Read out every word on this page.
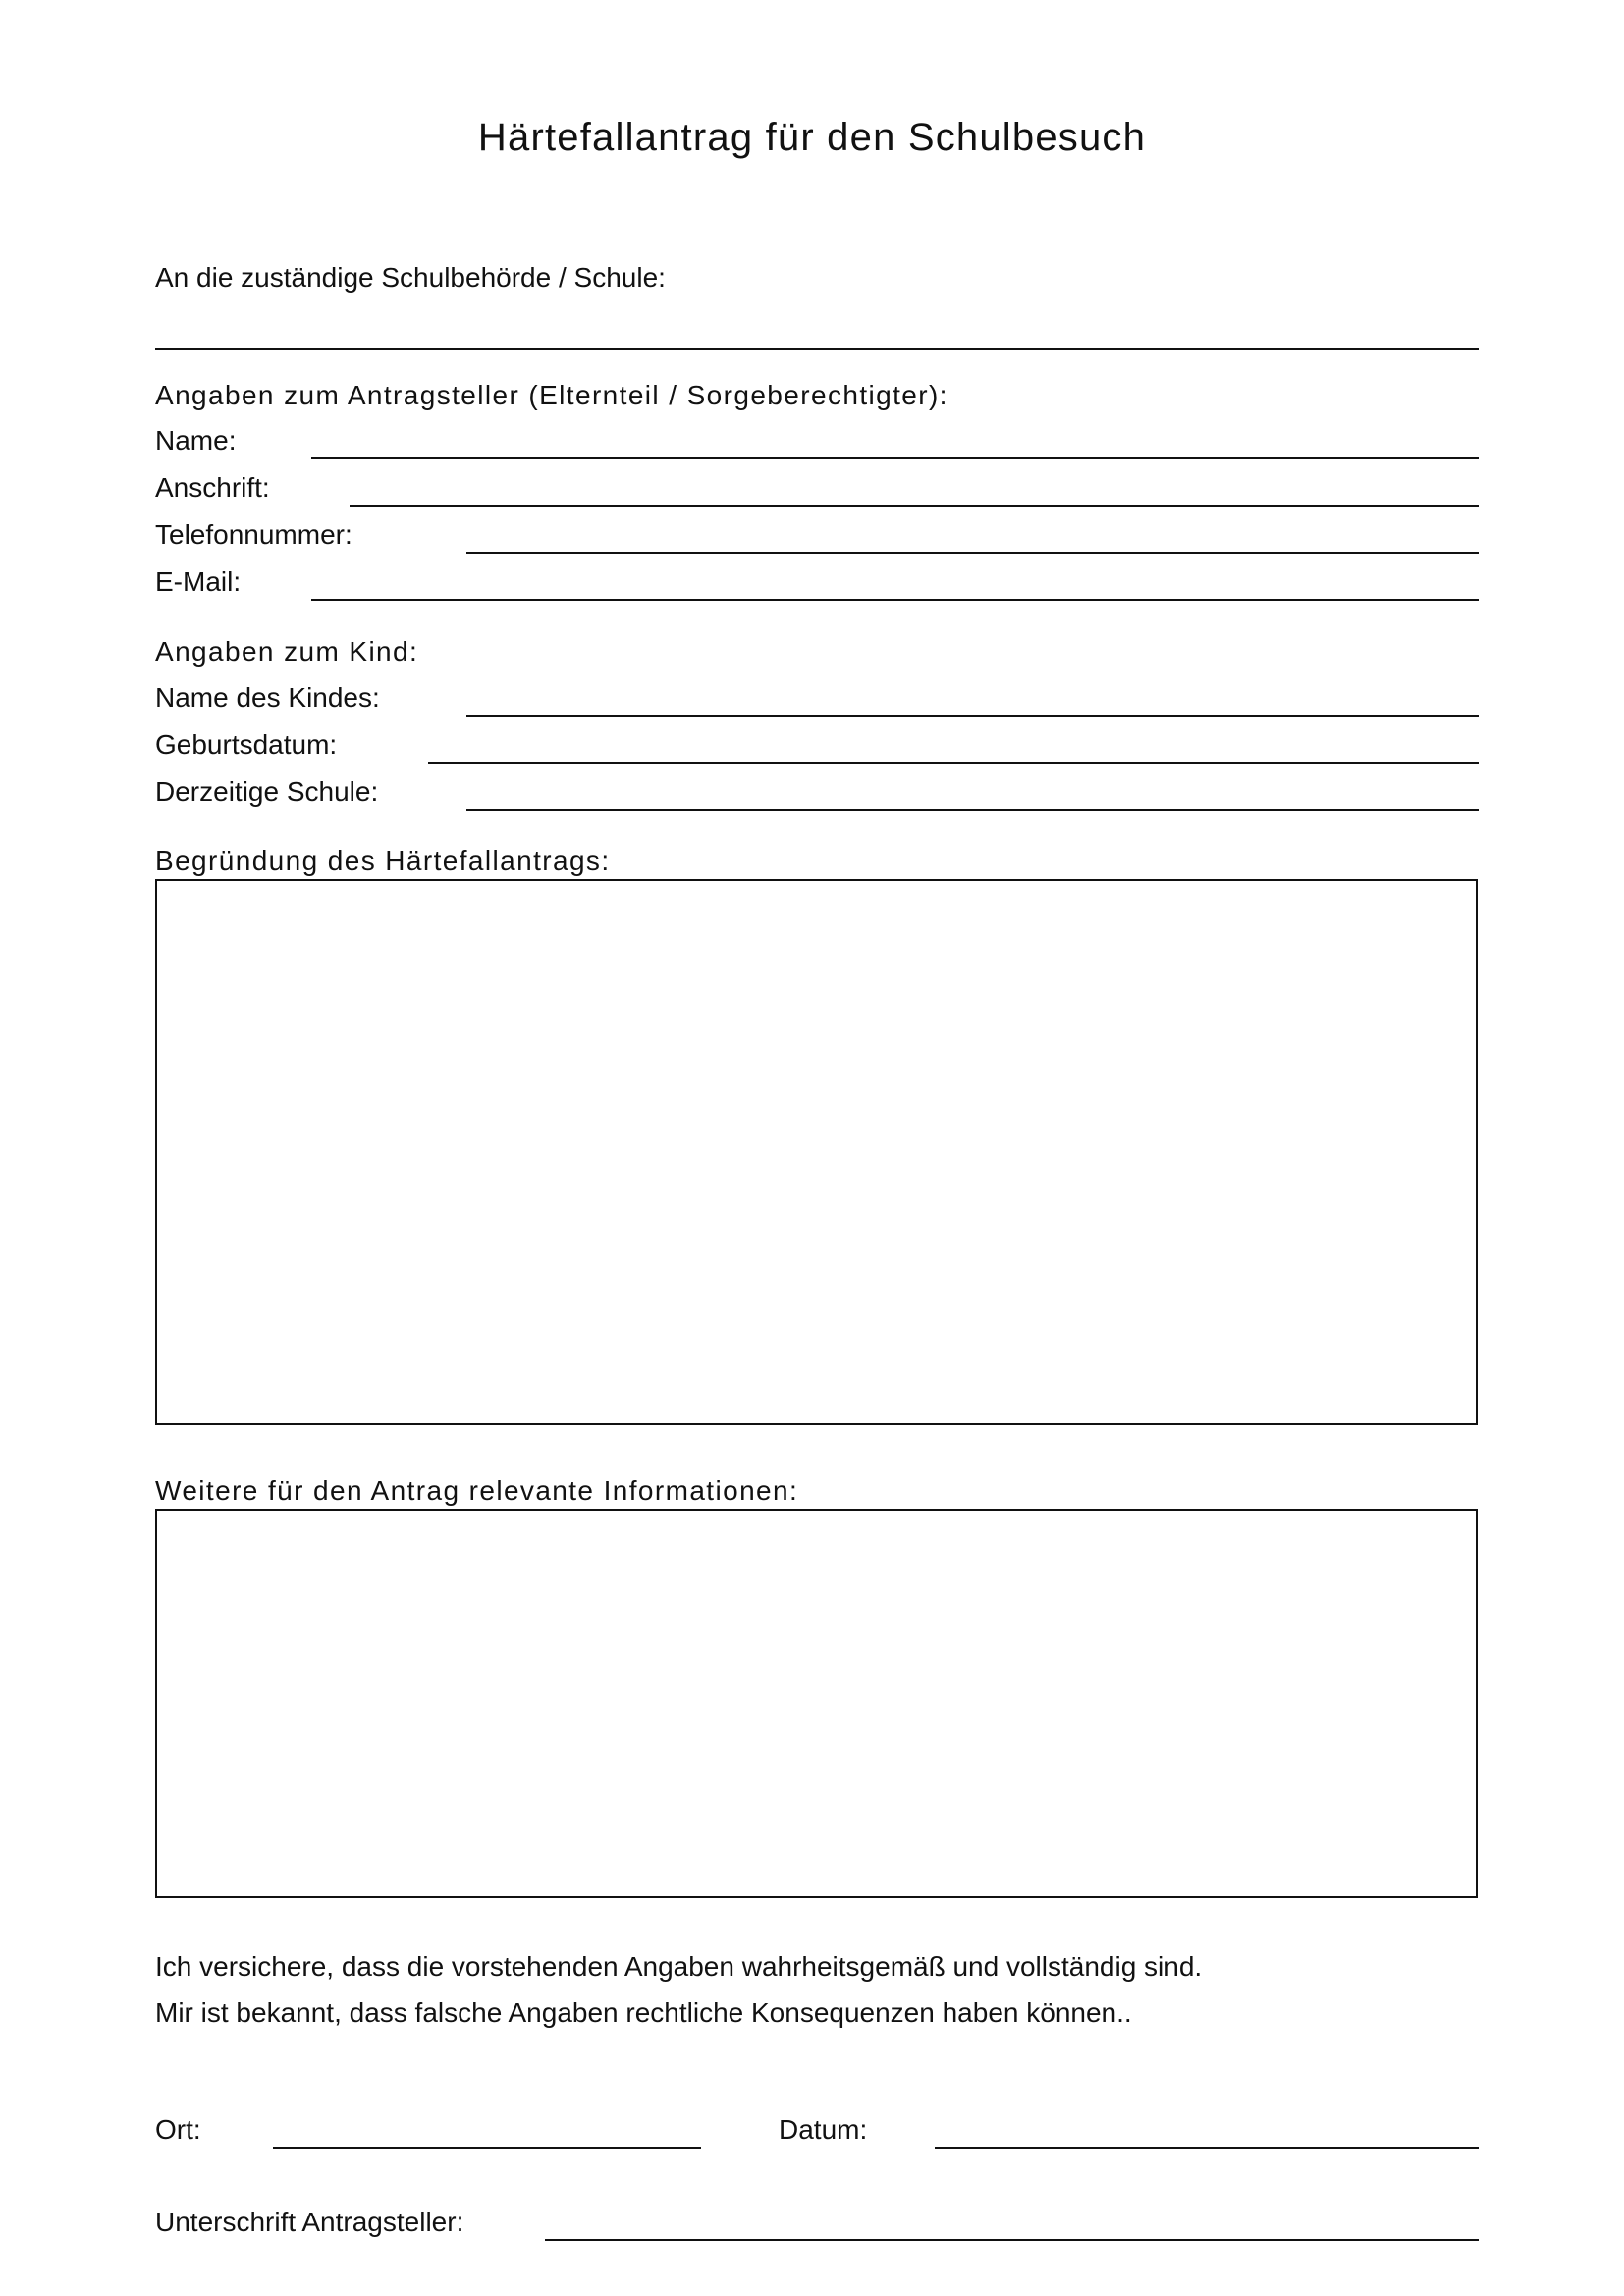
Härtefallantrag für den Schulbesuch
An die zuständige Schulbehörde / Schule:
Angaben zum Antragsteller (Elternteil / Sorgeberechtigter):
Name:
Anschrift:
Telefonnummer:
E-Mail:
Angaben zum Kind:
Name des Kindes:
Geburtsdatum:
Derzeitige Schule:
Begründung des Härtefallantrags:
Weitere für den Antrag relevante Informationen:
Ich versichere, dass die vorstehenden Angaben wahrheitsgemäß und vollständig sind.
Mir ist bekannt, dass falsche Angaben rechtliche Konsequenzen haben können..
Ort:	Datum:
Unterschrift Antragsteller:
